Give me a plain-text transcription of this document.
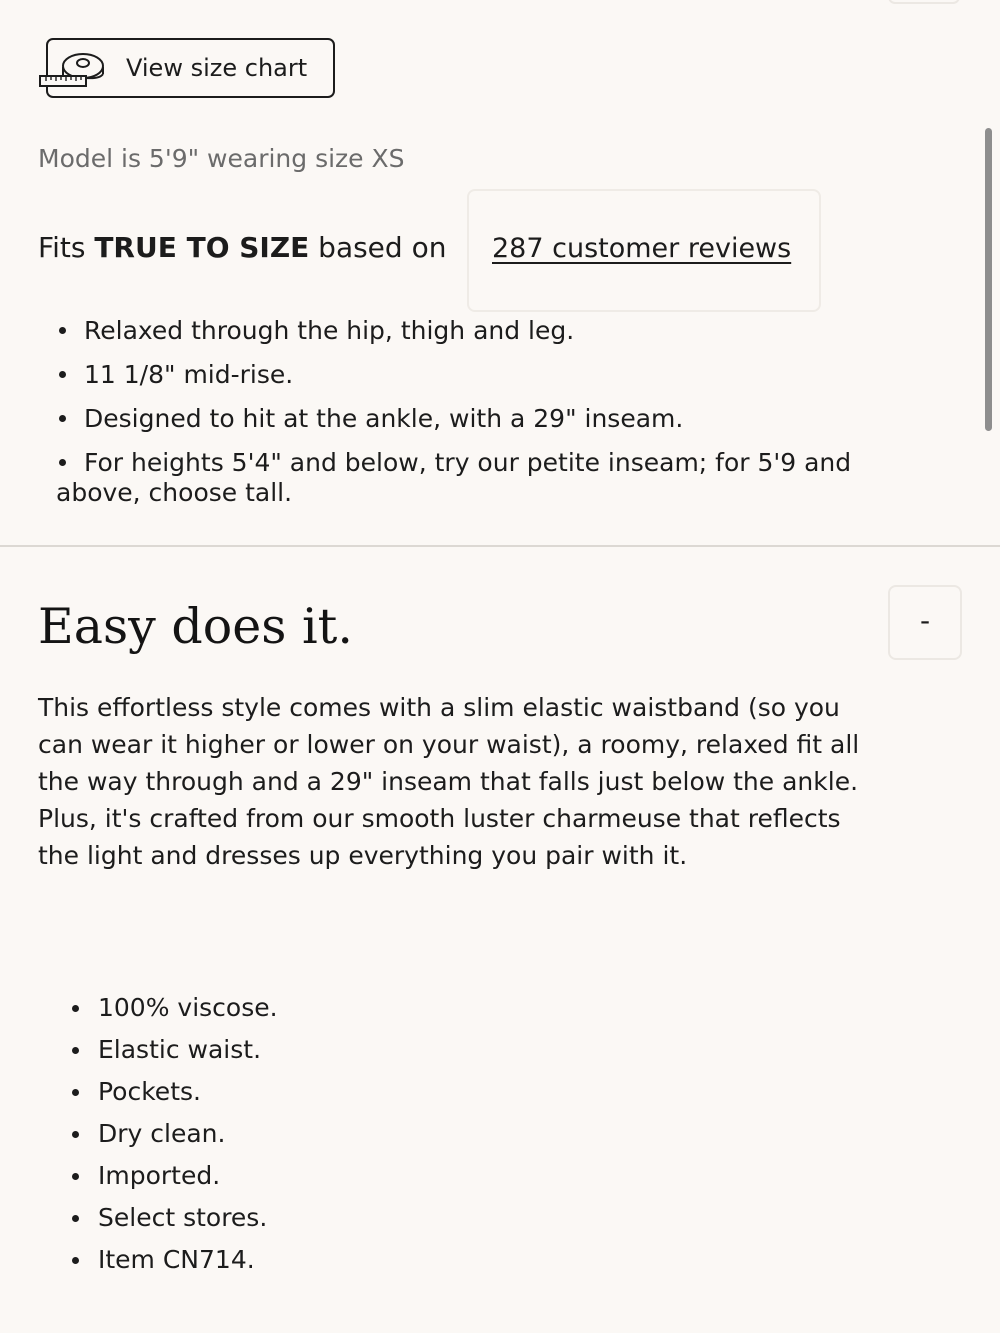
View size chart
Model is 5'9" wearing size XS
Fits TRUE TO SIZE based on 287 customer reviews
Relaxed through the hip, thigh and leg.
11 1/8" mid-rise.
Designed to hit at the ankle, with a 29" inseam.
For heights 5'4" and below, try our petite inseam; for 5'9 and
above, choose tall.
Easy does it.	-
This effortless style comes with a slim elastic waistband (so you
can wear it higher or lower on your waist), a roomy, relaxed fit all
the way through and a 29" inseam that falls just below the ankle.
Plus, it's crafted from our smooth luster charmeuse that reflects
the light and dresses up everything you pair with it.
100% viscose.
Elastic waist.
Pockets.
Dry clean.
Imported.
Select stores.
Item CN714.
